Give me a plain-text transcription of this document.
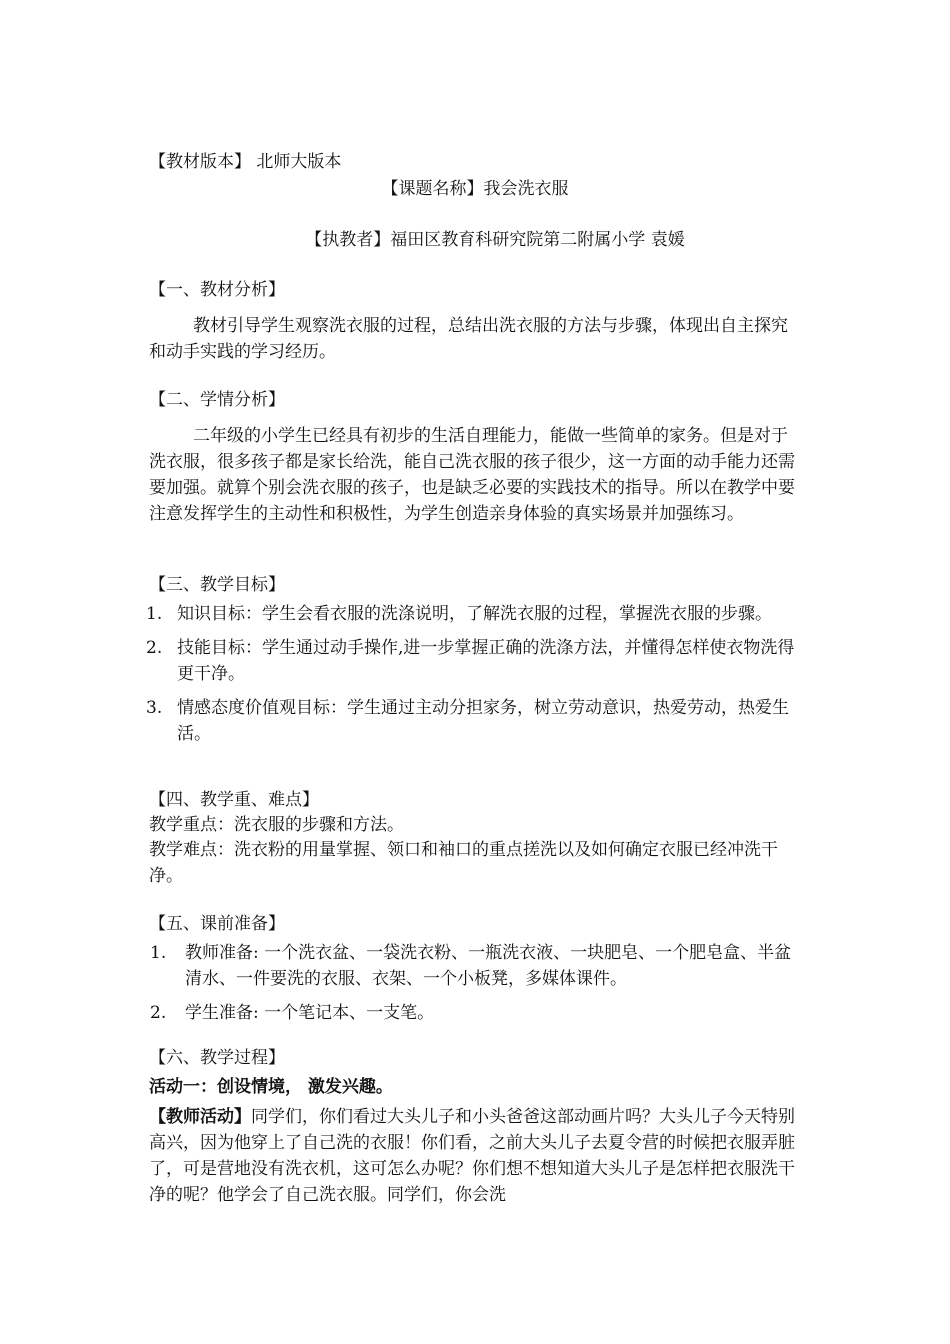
【教材版本】 北师大版本

【课题名称】我会洗衣服

【执教者】福田区教育科研究院第二附属小学 袁媛

【一、教材分析】

教材引导学生观察洗衣服的过程，总结出洗衣服的方法与步骤，体现出自主探究和动手实践的学习经历。

【二、学情分析】

二年级的小学生已经具有初步的生活自理能力，能做一些简单的家务。但是对于洗衣服，很多孩子都是家长给洗，能自己洗衣服的孩子很少，这一方面的动手能力还需要加强。就算个别会洗衣服的孩子，也是缺乏必要的实践技术的指导。所以在教学中要注意发挥学生的主动性和积极性，为学生创造亲身体验的真实场景并加强练习。

【三、教学目标】

1. 知识目标：学生会看衣服的洗涤说明，了解洗衣服的过程，掌握洗衣服的步骤。
2. 技能目标：学生通过动手操作,进一步掌握正确的洗涤方法，并懂得怎样使衣物洗得更干净。
3. 情感态度价值观目标：学生通过主动分担家务，树立劳动意识，热爱劳动，热爱生活。

【四、教学重、难点】

教学重点：洗衣服的步骤和方法。

教学难点：洗衣粉的用量掌握、领口和袖口的重点搓洗以及如何确定衣服已经冲洗干净。

【五、课前准备】

1. 教师准备: 一个洗衣盆、一袋洗衣粉、一瓶洗衣液、一块肥皂、一个肥皂盒、半盆清水、一件要洗的衣服、衣架、一个小板凳，多媒体课件。
2. 学生准备: 一个笔记本、一支笔。

【六、教学过程】

活动一：创设情境， 激发兴趣。

【教师活动】同学们，你们看过大头儿子和小头爸爸这部动画片吗？大头儿子今天特别高兴，因为他穿上了自己洗的衣服！你们看，之前大头儿子去夏令营的时候把衣服弄脏了，可是营地没有洗衣机，这可怎么办呢？你们想不想知道大头儿子是怎样把衣服洗干净的呢？他学会了自己洗衣服。同学们，你会洗
